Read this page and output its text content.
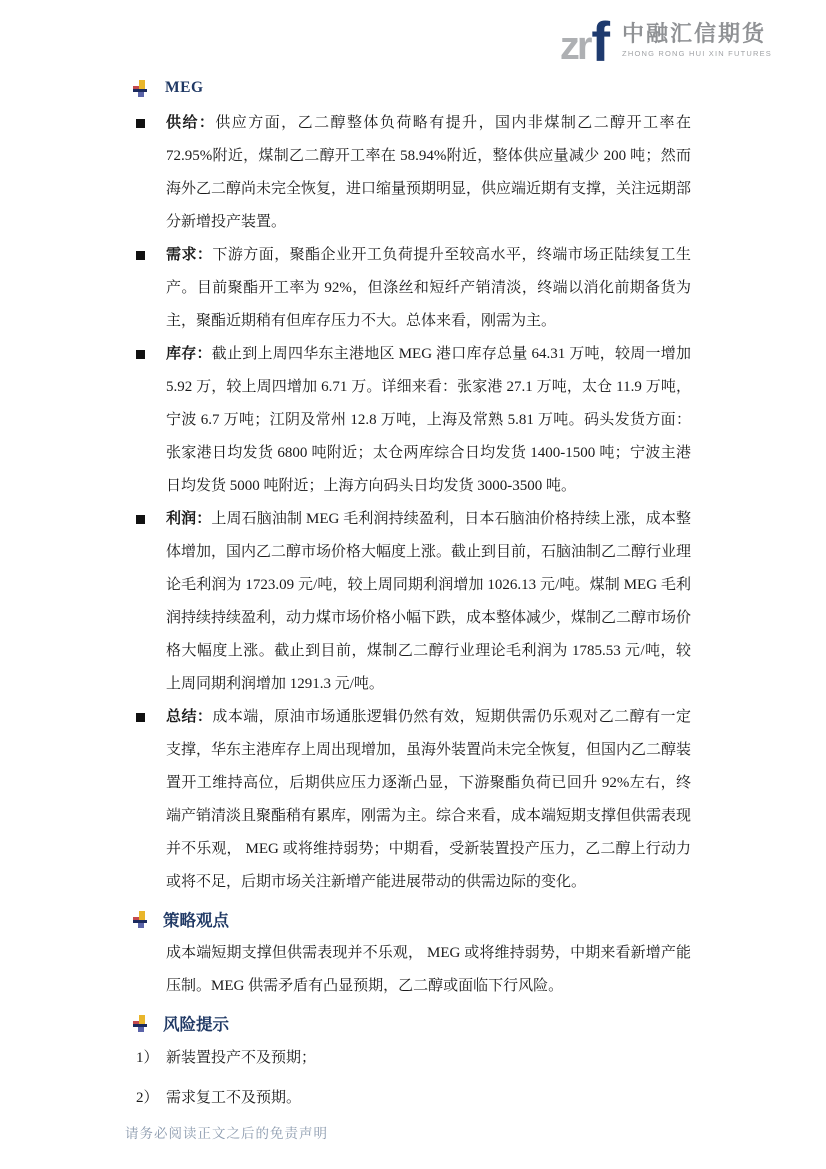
zr f 中融汇信期货
ZHONG RONG HUI XIN FUTURES
MEG
供给：供应方面，乙二醇整体负荷略有提升，国内非煤制乙二醇开工率在 72.95%附近，煤制乙二醇开工率在 58.94%附近，整体供应量减少 200 吨；然而海外乙二醇尚未完全恢复，进口缩量预期明显，供应端近期有支撑，关注远期部分新增投产装置。
需求：下游方面，聚酯企业开工负荷提升至较高水平，终端市场正陆续复工生产。目前聚酯开工率为 92%，但涤丝和短纤产销清淡，终端以消化前期备货为主，聚酯近期稍有但库存压力不大。总体来看，刚需为主。
库存：截止到上周四华东主港地区 MEG 港口库存总量 64.31 万吨，较周一增加 5.92 万，较上周四增加 6.71 万。详细来看：张家港 27.1 万吨，太仓 11.9 万吨，宁波 6.7 万吨；江阴及常州 12.8 万吨，上海及常熟 5.81 万吨。码头发货方面：张家港日均发货 6800 吨附近；太仓两库综合日均发货 1400-1500 吨；宁波主港日均发货 5000 吨附近；上海方向码头日均发货 3000-3500 吨。
利润：上周石脑油制 MEG 毛利润持续盈利，日本石脑油价格持续上涨，成本整体增加，国内乙二醇市场价格大幅度上涨。截止到目前，石脑油制乙二醇行业理论毛利润为 1723.09 元/吨，较上周同期利润增加 1026.13 元/吨。煤制 MEG 毛利润持续持续盈利，动力煤市场价格小幅下跌，成本整体减少，煤制乙二醇市场价格大幅度上涨。截止到目前，煤制乙二醇行业理论毛利润为 1785.53 元/吨，较上周同期利润增加 1291.3 元/吨。
总结：成本端，原油市场通胀逻辑仍然有效，短期供需仍乐观对乙二醇有一定支撑，华东主港库存上周出现增加，虽海外装置尚未完全恢复，但国内乙二醇装置开工维持高位，后期供应压力逐渐凸显，下游聚酯负荷已回升 92%左右，终端产销清淡且聚酯稍有累库，刚需为主。综合来看，成本端短期支撑但供需表现并不乐观， MEG 或将维持弱势；中期看，受新装置投产压力，乙二醇上行动力或将不足，后期市场关注新增产能进展带动的供需边际的变化。
策略观点
成本端短期支撑但供需表现并不乐观， MEG 或将维持弱势，中期来看新增产能压制。MEG 供需矛盾有凸显预期，乙二醇或面临下行风险。
风险提示
1） 新装置投产不及预期；
2） 需求复工不及预期。
请务必阅读正文之后的免责声明
